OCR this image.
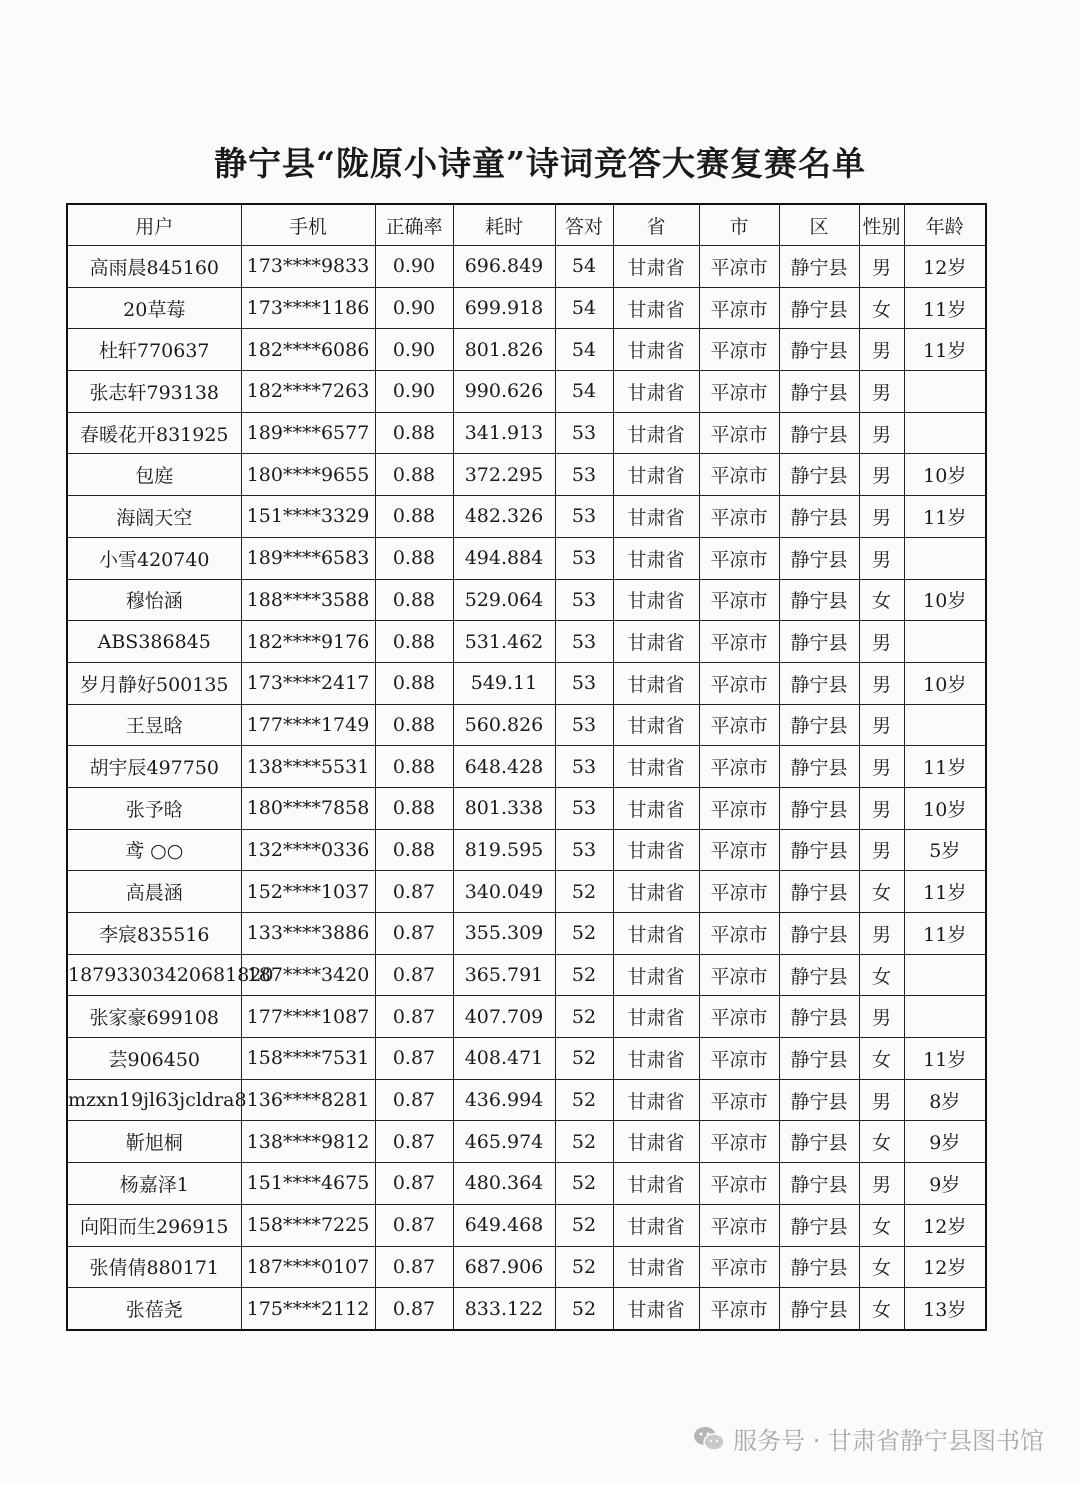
静宁县“陇原小诗童”诗词竞答大赛复赛名单
用户	手机	正确率	耗时	答对	省	市	区	性别	年龄
高雨晨845160	173****9833	0.90	696.849	54	甘肃省	平凉市	静宁县	男	12岁
20草莓	173****1186	0.90	699.918	54	甘肃省	平凉市	静宁县	女	11岁
杜轩770637	182****6086	0.90	801.826	54	甘肃省	平凉市	静宁县	男	11岁
张志轩793138	182****7263	0.90	990.626	54	甘肃省	平凉市	静宁县	男	
春暖花开831925	189****6577	0.88	341.913	53	甘肃省	平凉市	静宁县	男	
包庭	180****9655	0.88	372.295	53	甘肃省	平凉市	静宁县	男	10岁
海阔天空	151****3329	0.88	482.326	53	甘肃省	平凉市	静宁县	男	11岁
小雪420740	189****6583	0.88	494.884	53	甘肃省	平凉市	静宁县	男	
穆怡涵	188****3588	0.88	529.064	53	甘肃省	平凉市	静宁县	女	10岁
ABS386845	182****9176	0.88	531.462	53	甘肃省	平凉市	静宁县	男	
岁月静好500135	173****2417	0.88	549.11	53	甘肃省	平凉市	静宁县	男	10岁
王昱晗	177****1749	0.88	560.826	53	甘肃省	平凉市	静宁县	男	
胡宇辰497750	138****5531	0.88	648.428	53	甘肃省	平凉市	静宁县	男	11岁
张予晗	180****7858	0.88	801.338	53	甘肃省	平凉市	静宁县	男	10岁
鸢 ○○	132****0336	0.88	819.595	53	甘肃省	平凉市	静宁县	男	5岁
高晨涵	152****1037	0.87	340.049	52	甘肃省	平凉市	静宁县	女	11岁
李宸835516	133****3886	0.87	355.309	52	甘肃省	平凉市	静宁县	男	11岁
18793303420681820	187****3420	0.87	365.791	52	甘肃省	平凉市	静宁县	女	
张家豪699108	177****1087	0.87	407.709	52	甘肃省	平凉市	静宁县	男	
芸906450	158****7531	0.87	408.471	52	甘肃省	平凉市	静宁县	女	11岁
mzxn19jl63jcldra8	136****8281	0.87	436.994	52	甘肃省	平凉市	静宁县	男	8岁
靳旭桐	138****9812	0.87	465.974	52	甘肃省	平凉市	静宁县	女	9岁
杨嘉泽1	151****4675	0.87	480.364	52	甘肃省	平凉市	静宁县	男	9岁
向阳而生296915	158****7225	0.87	649.468	52	甘肃省	平凉市	静宁县	女	12岁
张倩倩880171	187****0107	0.87	687.906	52	甘肃省	平凉市	静宁县	女	12岁
张蓓尧	175****2112	0.87	833.122	52	甘肃省	平凉市	静宁县	女	13岁
服务号 · 甘肃省静宁县图书馆
